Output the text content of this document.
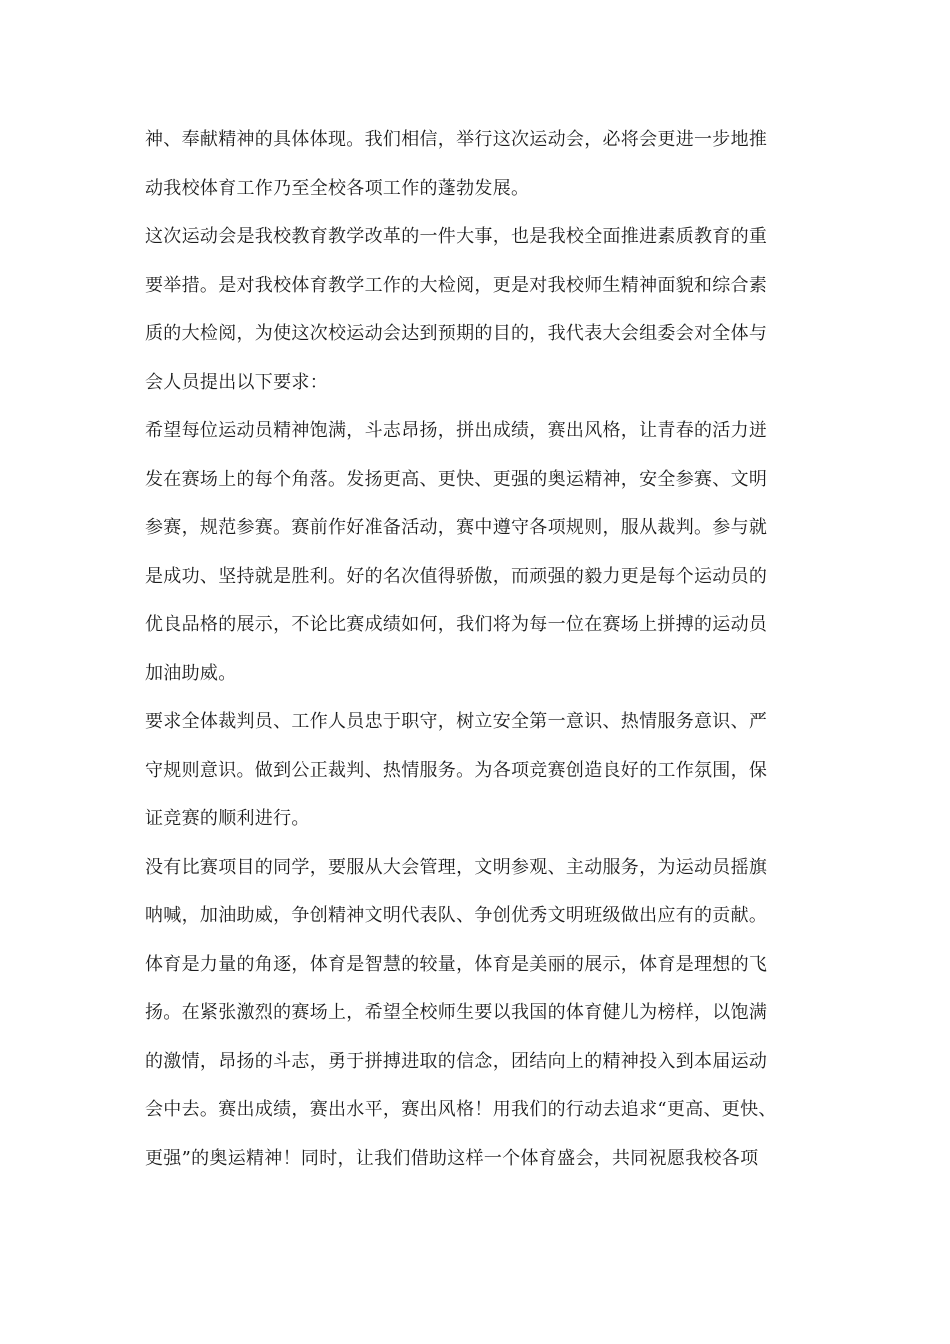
神、奉献精神的具体体现。我们相信，举行这次运动会，必将会更进一步地推
动我校体育工作乃至全校各项工作的蓬勃发展。
这次运动会是我校教育教学改革的一件大事，也是我校全面推进素质教育的重
要举措。是对我校体育教学工作的大检阅，更是对我校师生精神面貌和综合素
质的大检阅，为使这次校运动会达到预期的目的，我代表大会组委会对全体与
会人员提出以下要求：
希望每位运动员精神饱满，斗志昂扬，拼出成绩，赛出风格，让青春的活力迸
发在赛场上的每个角落。发扬更高、更快、更强的奥运精神，安全参赛、文明
参赛，规范参赛。赛前作好准备活动，赛中遵守各项规则，服从裁判。参与就
是成功、坚持就是胜利。好的名次值得骄傲，而顽强的毅力更是每个运动员的
优良品格的展示，不论比赛成绩如何，我们将为每一位在赛场上拼搏的运动员
加油助威。
要求全体裁判员、工作人员忠于职守，树立安全第一意识、热情服务意识、严
守规则意识。做到公正裁判、热情服务。为各项竞赛创造良好的工作氛围，保
证竞赛的顺利进行。
没有比赛项目的同学，要服从大会管理，文明参观、主动服务，为运动员摇旗
呐喊，加油助威，争创精神文明代表队、争创优秀文明班级做出应有的贡献。
体育是力量的角逐，体育是智慧的较量，体育是美丽的展示，体育是理想的飞
扬。在紧张激烈的赛场上，希望全校师生要以我国的体育健儿为榜样，以饱满
的激情，昂扬的斗志，勇于拼搏进取的信念，团结向上的精神投入到本届运动
会中去。赛出成绩，赛出水平，赛出风格！用我们的行动去追求“更高、更快、
更强”的奥运精神！同时，让我们借助这样一个体育盛会，共同祝愿我校各项
